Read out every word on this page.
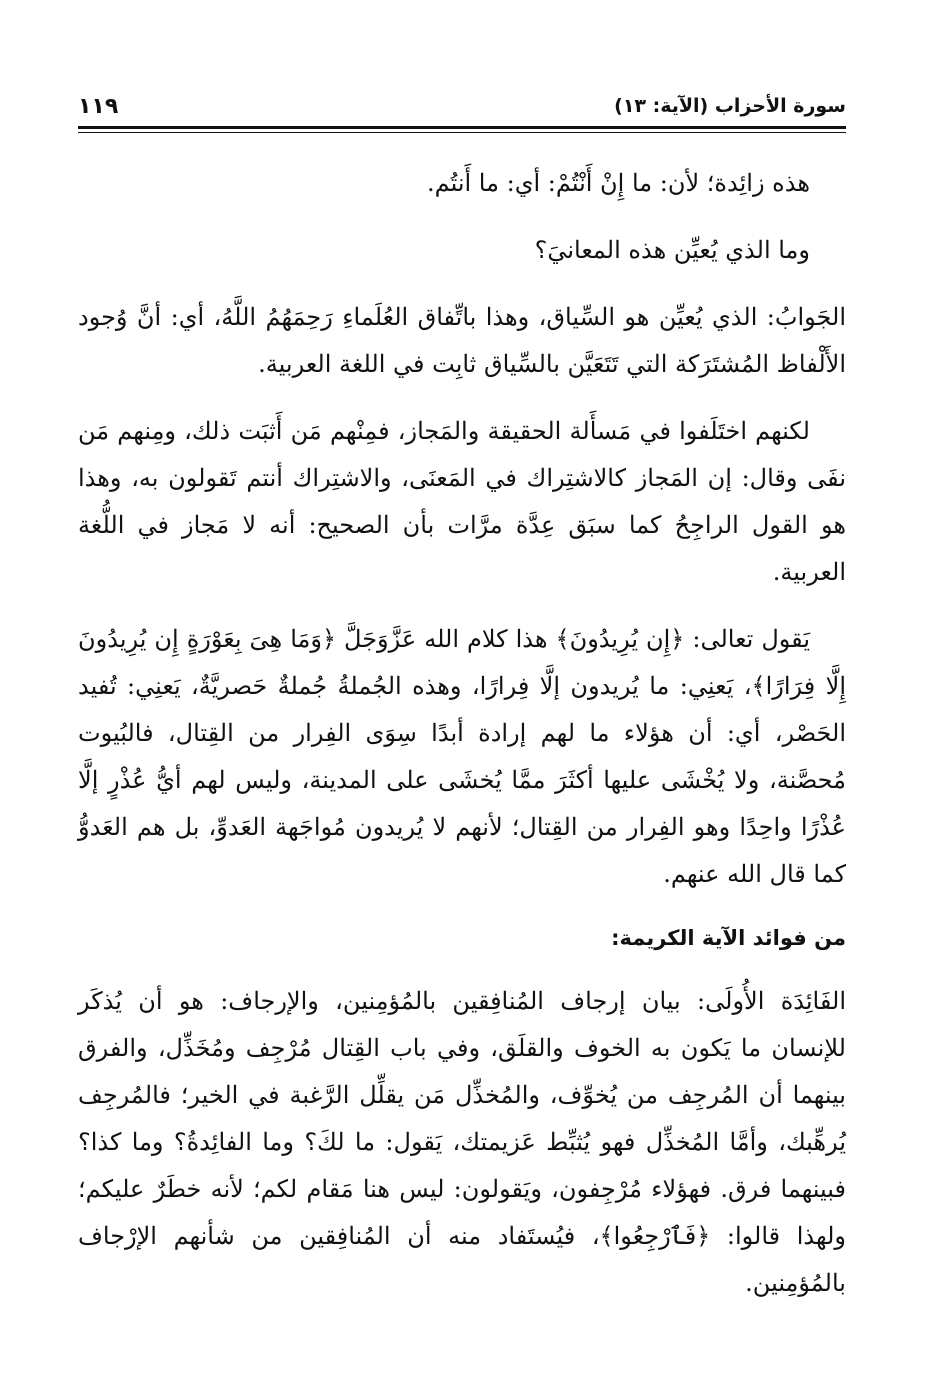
سورة الأحزاب (الآية: ١٣)
١١٩

هذه زائِدة؛ لأن: ما إِنْ أَنْتُمْ: أي: ما أَنتُم.

وما الذي يُعيِّن هذه المعانيَ؟

الجَوابُ: الذي يُعيِّن هو السِّياق، وهذا باتِّفاق العُلَماءِ رَحِمَهُمُ اللَّهُ، أي: أنَّ وُجود الأَلْفاظ المُشتَرَكة التي تَتَعَيَّن بالسِّياق ثابِت في اللغة العربية.

لكنهم اختَلَفوا في مَسأَلة الحقيقة والمَجاز، فمِنْهم مَن أَثبَت ذلك، ومِنهم مَن نفَى وقال: إن المَجاز كالاشتِراك في المَعنَى، والاشتِراك أنتم تَقولون به، وهذا هو القول الراجِحُ كما سبَق عِدَّة مرَّات بأن الصحيح: أنه لا مَجاز في اللُّغة العربية.

يَقول تعالى: ﴿إِن يُرِيدُونَ﴾ هذا كلام الله عَزَّوَجَلَّ ﴿وَمَا هِىَ بِعَوْرَةٍ إِن يُرِيدُونَ إِلَّا فِرَارًا﴾، يَعنِي: ما يُريدون إلَّا فِرارًا، وهذه الجُملةُ جُملةٌ حَصريَّةٌ، يَعنِي: تُفيد الحَصْر، أي: أن هؤلاء ما لهم إرادة أبدًا سِوَى الفِرار من القِتال، فالبُيوت مُحصَّنة، ولا يُخْشَى عليها أكثَرَ ممَّا يُخشَى على المدينة، وليس لهم أيُّ عُذْرٍ إلَّا عُذْرًا واحِدًا وهو الفِرار من القِتال؛ لأنهم لا يُريدون مُواجَهة العَدوِّ، بل هم العَدوُّ كما قال الله عنهم.

من فوائد الآية الكريمة:

الفَائِدَة الأُولَى: بيان إرجاف المُنافِقين بالمُؤمِنين، والإرجاف: هو أن يُذكَر للإنسان ما يَكون به الخوف والقلَق، وفي باب القِتال مُرْجِف ومُخَذِّل، والفرق بينهما أن المُرجِف من يُخوِّف، والمُخذِّل مَن يقلِّل الرَّغبة في الخير؛ فالمُرجِف يُرهِّبك، وأمَّا المُخذِّل فهو يُثبِّط عَزيمتك، يَقول: ما لكَ؟ وما الفائِدةُ؟ وما كذا؟ فبينهما فرق. فهؤلاء مُرْجِفون، ويَقولون: ليس هنا مَقام لكم؛ لأنه خطَرٌ عليكم؛ ولهذا قالوا: ﴿فَٱرْجِعُوا﴾، فيُستَفاد منه أن المُنافِقين من شأنهم الإرْجاف بالمُؤمِنين.
